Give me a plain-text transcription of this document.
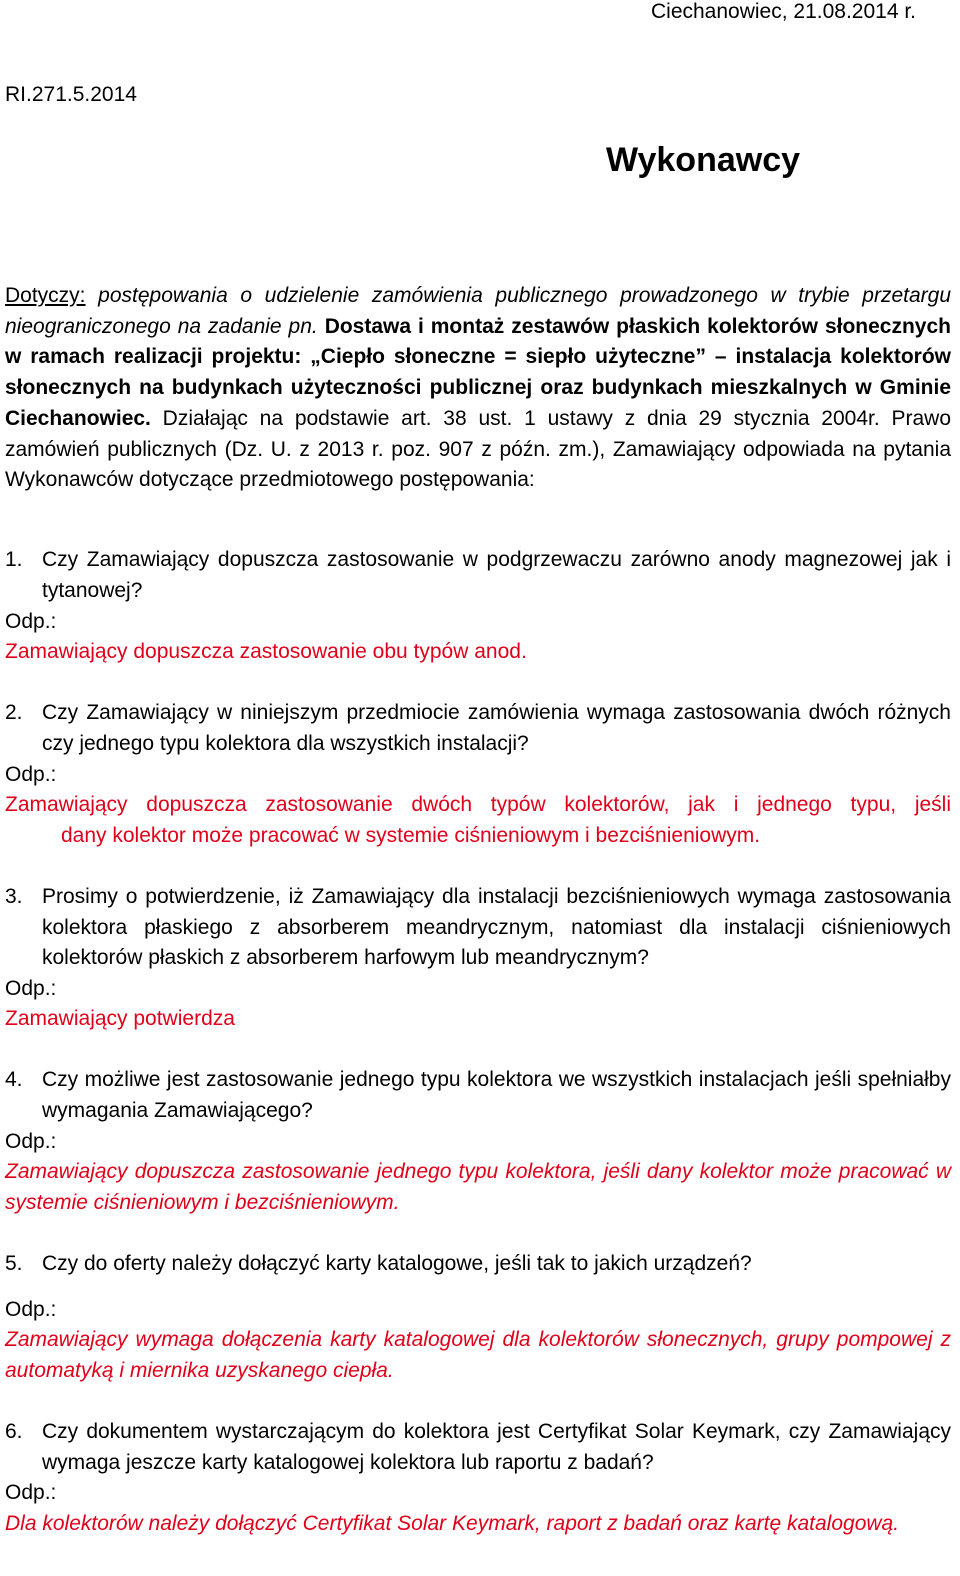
Ciechanowiec, 21.08.2014 r.
RI.271.5.2014
Wykonawcy
Dotyczy: postępowania o udzielenie zamówienia publicznego prowadzonego w trybie przetargu nieograniczonego na zadanie pn. Dostawa i montaż zestawów płaskich kolektorów słonecznych w ramach realizacji projektu: „Ciepło słoneczne = siepło użyteczne” – instalacja kolektorów słonecznych na budynkach użyteczności publicznej oraz budynkach mieszkalnych w Gminie Ciechanowiec. Działając na podstawie art. 38 ust. 1 ustawy z dnia 29 stycznia 2004r. Prawo zamówień publicznych (Dz. U. z 2013 r. poz. 907 z późn. zm.), Zamawiający odpowiada na pytania Wykonawców dotyczące przedmiotowego postępowania:
1. Czy Zamawiający dopuszcza zastosowanie w podgrzewaczu zarówno anody magnezowej jak i tytanowej?
Odp.:
Zamawiający dopuszcza zastosowanie obu typów anod.
2. Czy Zamawiający w niniejszym przedmiocie zamówienia wymaga zastosowania dwóch różnych czy jednego typu kolektora dla wszystkich instalacji?
Odp.:
Zamawiający dopuszcza zastosowanie dwóch typów kolektorów, jak i jednego typu, jeśli
dany kolektor może pracować w systemie ciśnieniowym i bezciśnieniowym.
3. Prosimy o potwierdzenie, iż Zamawiający dla instalacji bezciśnieniowych wymaga zastosowania kolektora płaskiego z absorberem meandrycznym, natomiast dla instalacji ciśnieniowych kolektorów płaskich z absorberem harfowym lub meandrycznym?
Odp.:
Zamawiający potwierdza
4. Czy możliwe jest zastosowanie jednego typu kolektora we wszystkich instalacjach jeśli spełniałby wymagania Zamawiającego?
Odp.:
Zamawiający dopuszcza zastosowanie jednego typu kolektora, jeśli dany kolektor może pracować w systemie ciśnieniowym i bezciśnieniowym.
5. Czy do oferty należy dołączyć karty katalogowe, jeśli tak to jakich urządzeń?
Odp.:
Zamawiający wymaga dołączenia karty katalogowej dla kolektorów słonecznych, grupy pompowej z automatyką i miernika uzyskanego ciepła.
6. Czy dokumentem wystarczającym do kolektora jest Certyfikat Solar Keymark, czy Zamawiający wymaga jeszcze karty katalogowej kolektora lub raportu z badań?
Odp.:
Dla kolektorów należy dołączyć Certyfikat Solar Keymark, raport z badań oraz kartę katalogową.
